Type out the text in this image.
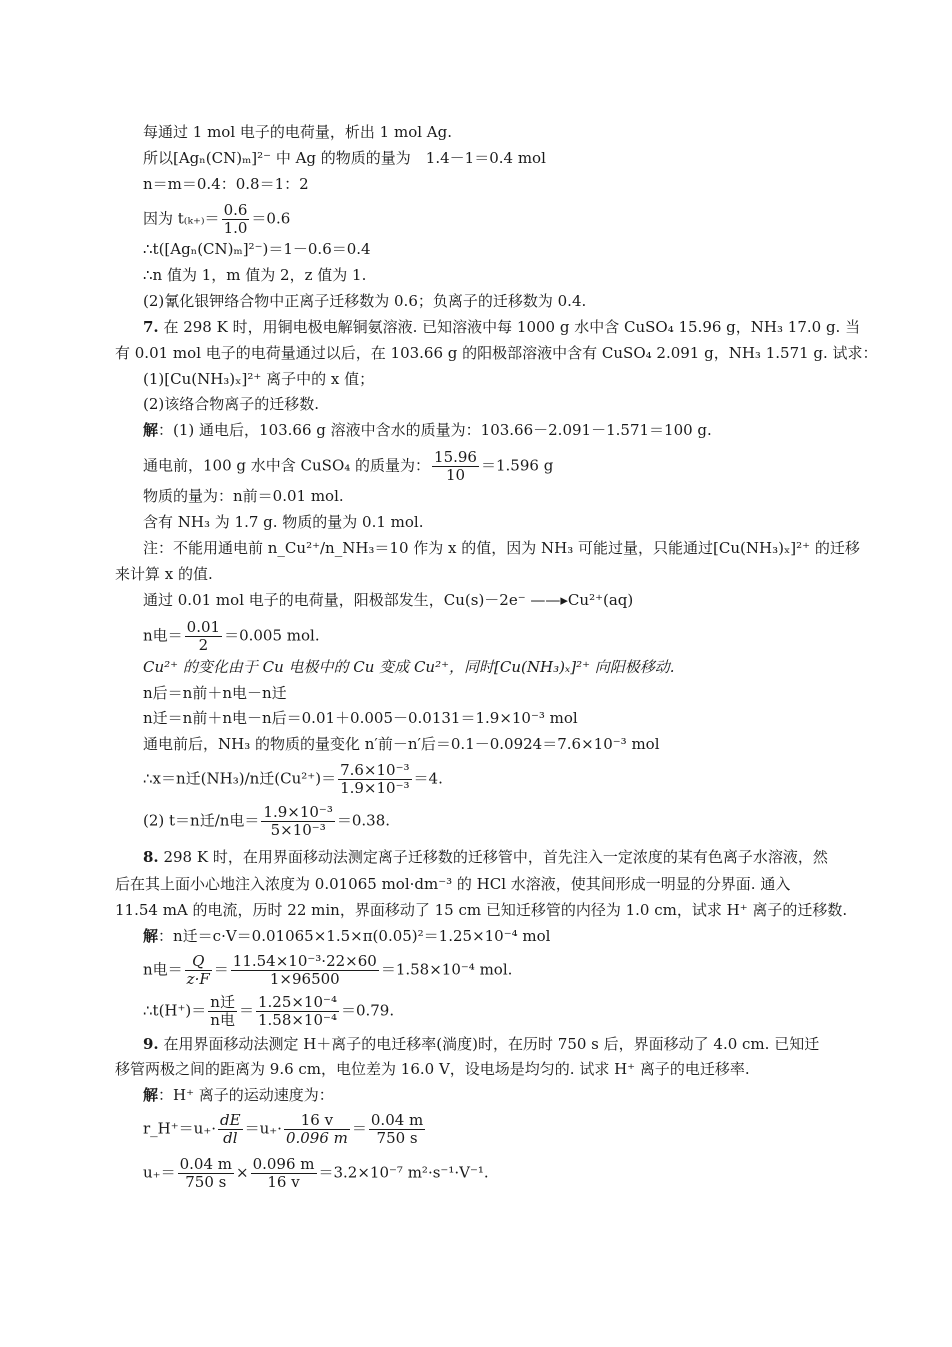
每通过 1 mol 电子的电荷量，析出 1 mol Ag.
所以[Agₙ(CN)ₘ]²⁻ 中 Ag 的物质的量为　1.4－1＝0.4 mol
n＝m＝0.4：0.8＝1：2
因为 $t_{(k+)}= \frac{0.6}{1.0} =0.6$
∴t([Agₙ(CN)ₘ]²⁻)＝1－0.6＝0.4
∴n 值为 1，m 值为 2，z 值为 1.
(2)氰化银钾络合物中正离子迁移数为 0.6；负离子的迁移数为 0.4.
7. 在 298 K 时，用铜电极电解铜氨溶液. 已知溶液中每 1000 g 水中含 CuSO₄ 15.96 g，NH₃ 17.0 g. 当
有 0.01 mol 电子的电荷量通过以后，在 103.66 g 的阳极部溶液中含有 CuSO₄ 2.091 g，NH₃ 1.571 g. 试求：
(1)[Cu(NH₃)ₓ]²⁺ 离子中的 x 值；
(2)该络合物离子的迁移数.
解：(1) 通电后，103.66 g 溶液中含水的质量为：103.66－2.091－1.571＝100 g.
通电前，100 g 水中含 CuSO₄ 的质量为： $\frac{15.96}{10} =1.596$ g
物质的量为：n前＝0.01 mol.
含有 NH₃ 为 1.7 g. 物质的量为 0.1 mol.
注：不能用通电前 n_Cu²⁺/n_NH₃＝10 作为 x 的值，因为 NH₃ 可能过量，只能通过[Cu(NH₃)ₓ]²⁺ 的迁移
来计算 x 的值.
通过 0.01 mol 电子的电荷量，阳极部发生，Cu(s)－2e⁻ ——▸Cu²⁺(aq)
n电＝ $\frac{0.01}{2} =0.005$ mol.
Cu²⁺ 的变化由于 Cu 电极中的 Cu 变成 Cu²⁺，同时[Cu(NH₃)ₓ]²⁺ 向阳极移动.
n后＝n前＋n电－n迁
n迁＝n前＋n电－n后＝0.01＋0.005－0.0131＝1.9×10⁻³ mol
通电前后，NH₃ 的物质的量变化 n′前－n′后＝0.1－0.0924＝7.6×10⁻³ mol
∴x＝n迁(NH₃)/n迁$(Cu^{2+})= \frac{\text{7.6×10⁻³}}{\text{1.9×10⁻³}} =4$.
(2) t＝n迁/n电＝ $\frac{\text{1.9×10⁻³}}{\text{5×10⁻³}} =0.38$.
8. 298 K 时，在用界面移动法测定离子迁移数的迁移管中，首先注入一定浓度的某有色离子水溶液，然
后在其上面小心地注入浓度为 0.01065 mol·dm⁻³ 的 HCl 水溶液，使其间形成一明显的分界面. 通入
11.54 mA 的电流，历时 22 min，界面移动了 15 cm 已知迁移管的内径为 1.0 cm，试求 H⁺ 离子的迁移数.
解：n迁＝c·V＝0.01065×1.5×π(0.05)²＝1.25×10⁻⁴ mol
n电＝ $\frac{Q}{z\cdot F} = \frac{\text{11.54×10⁻³·22×60}}{1\times 96500} =1.58\times 10^{-4}$ mol.
∴t(H⁺)＝ $\frac{\text{n迁}}{\text{n电}} = \frac{\text{1.25×10⁻⁴}}{\text{1.58×10⁻⁴}} =0.79$.
9. 在用界面移动法测定 H＋离子的电迁移率(淌度)时，在历时 750 s 后，界面移动了 4.0 cm. 已知迁
移管两极之间的距离为 9.6 cm，电位差为 16.0 V，设电场是均匀的. 试求 H⁺ 离子的电迁移率.
解：H⁺ 离子的运动速度为：
r_H⁺＝u₊· $\frac{dE}{dl} =u_+\cdot \frac{16 v}{0.096 m} = \frac{0.04 m}{750 s}$
$u_+= \frac{0.04 m}{750 s} \times \frac{0.096 m}{16 v} =3.2\times 10^{-7}$ m²·s⁻¹·V⁻¹.
